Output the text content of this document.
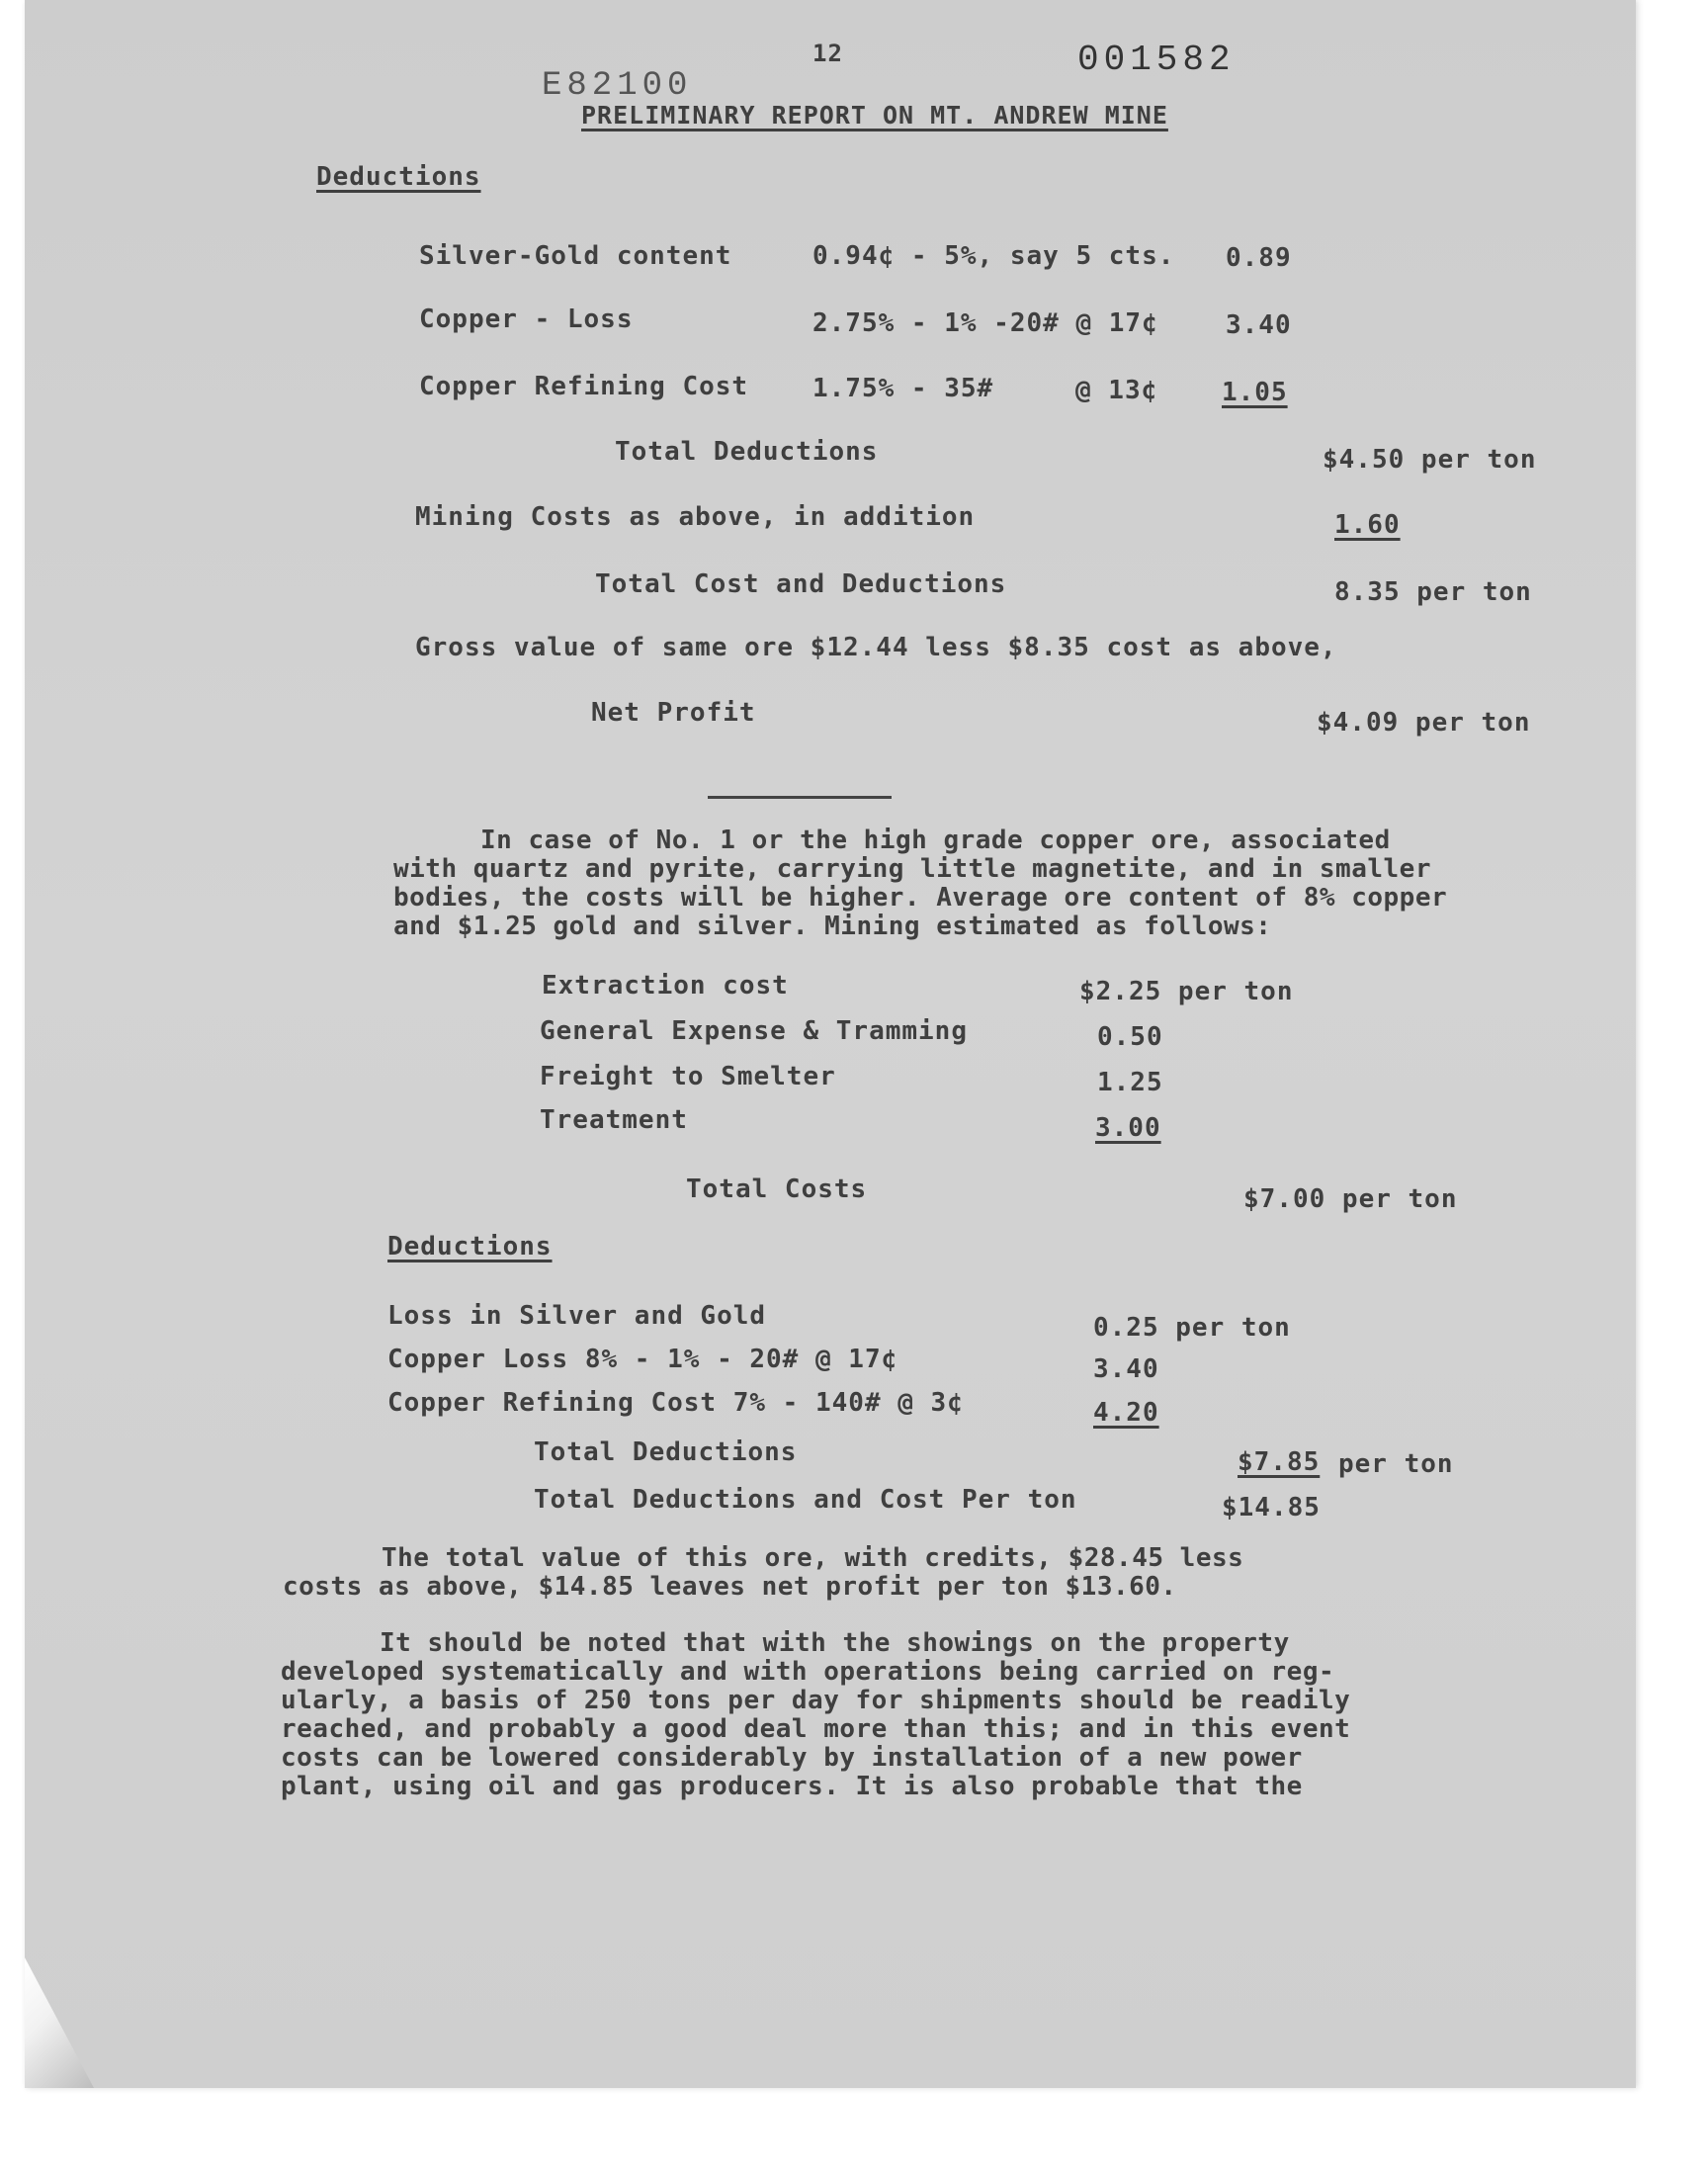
12	001582
E82100
PRELIMINARY REPORT ON MT. ANDREW MINE
Deductions
Silver-Gold content	0.94¢ - 5%, say 5 cts. 0.89
Copper - Loss	2.75% - 1% -20# @ 17¢	3.40
Copper Refining Cost 1.75% - 35#	@ 13¢ 1.05
Total Deductions	$4.50 per ton
Mining Costs as above, in addition	1.60
Total Cost and Deductions	8.35 per ton
Gross value of same ore $12.44 less $8.35 cost as above,
Net Profit	$4.09 per ton
In case of No. 1 or the high grade copper ore, associated
with quartz and pyrite, carrying little magnetite, and in smaller
bodies, the costs will be higher. Average ore content of 8% copper
and $1.25 gold and silver. Mining estimated as follows:
Extraction cost	$2.25 per ton
General Expense & Tramming	0.50
Freight to Smelter	1.25
Treatment	3.00
Total Costs	$7.00 per ton
Deductions
Loss in Silver and Gold	0.25 per ton
Copper Loss 8% - 1% - 20# @ 17¢	3.40
Copper Refining Cost 7% - 140# @ 3¢	4.20
Total Deductions	$7.85 per ton
Total Deductions and Cost Per ton	$14.85
The total value of this ore, with credits, $28.45 less
costs as above, $14.85 leaves net profit per ton $13.60.
It should be noted that with the showings on the property
developed systematically and with operations being carried on reg-
ularly, a basis of 250 tons per day for shipments should be readily
reached, and probably a good deal more than this; and in this event
costs can be lowered considerably by installation of a new power
plant, using oil and gas producers. It is also probable that the
